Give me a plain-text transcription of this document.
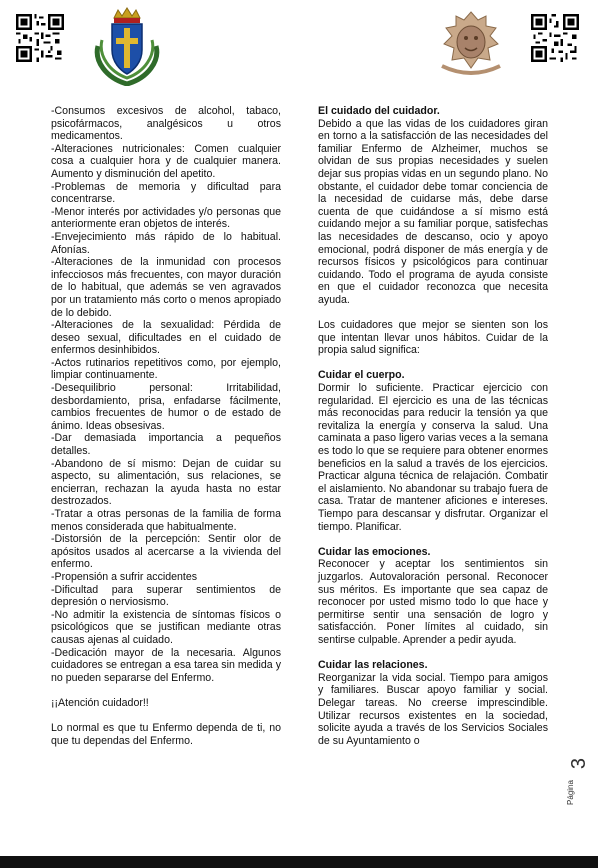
-Consumos excesivos de alcohol, tabaco, psicofármacos, analgésicos u otros medicamentos.

-Alteraciones nutricionales: Comen cualquier cosa a cualquier hora y de cualquier manera. Aumento y disminución del apetito.

-Problemas de memoria y dificultad para concentrarse.

-Menor interés por actividades y/o personas que anteriormente eran objetos de interés.

-Envejecimiento más rápido de lo habitual. Afonías.

-Alteraciones de la inmunidad con procesos infecciosos más frecuentes, con mayor duración de lo habitual, que además se ven agravados por un tratamiento más corto o menos apropiado de lo debido.

-Alteraciones de la sexualidad: Pérdida de deseo sexual, dificultades en el cuidado de enfermos desinhibidos.

-Actos rutinarios repetitivos como, por ejemplo, limpiar continuamente.

-Desequilibrio personal: Irritabilidad, desbordamiento, prisa, enfadarse fácilmente, cambios frecuentes de humor o de estado de ánimo. Ideas obsesivas.

-Dar demasiada importancia a pequeños detalles.

-Abandono de sí mismo: Dejan de cuidar su aspecto, su alimentación, sus relaciones, se encierran, rechazan la ayuda hasta no estar destrozados.

-Tratar a otras personas de la familia de forma menos considerada que habitualmente.

-Distorsión de la percepción: Sentir olor de apósitos usados al acercarse a la vivienda del enfermo.

-Propensión a sufrir accidentes

-Dificultad para superar sentimientos de depresión o nerviosismo.

-No admitir la existencia de síntomas físicos o psicológicos que se justifican mediante otras causas ajenas al cuidado.

-Dedicación mayor de la necesaria. Algunos cuidadores se entregan a esa tarea sin medida y no pueden separarse del Enfermo.

¡¡Atención cuidador!!

Lo normal es que tu Enfermo dependa de ti, no que tu dependas del Enfermo.

El cuidado del cuidador.

Debido a que las vidas de los cuidadores giran en torno a la satisfacción de las necesidades del familiar Enfermo de Alzheimer, muchos se olvidan de sus propias necesidades y suelen dejar sus propias vidas en un segundo plano. No obstante, el cuidador debe tomar conciencia de la necesidad de cuidarse más, debe darse cuenta de que cuidándose a sí mismo está cuidando mejor a su familiar porque, satisfechas las necesidades de descanso, ocio y apoyo emocional, podrá disponer de más energía y de recursos físicos y psicológicos para continuar cuidando. Todo el programa de ayuda consiste en que el cuidador reconozca que necesita ayuda.

Los cuidadores que mejor se sienten son los que intentan llevar unos hábitos. Cuidar de la propia salud significa:

Cuidar el cuerpo.

Dormir lo suficiente. Practicar ejercicio con regularidad. El ejercicio es una de las técnicas más reconocidas para reducir la tensión ya que revitaliza la energía y conserva la salud. Una caminata a paso ligero varias veces a la semana es todo lo que se requiere para obtener enormes beneficios en la salud a través de los ejercicios. Practicar alguna técnica de relajación. Combatir el aislamiento. No abandonar su trabajo fuera de casa. Tratar de mantener aficiones e intereses. Tiempo para descansar y disfrutar. Organizar el tiempo. Planificar.

Cuidar las emociones.

Reconocer y aceptar los sentimientos sin juzgarlos. Autovaloración personal. Reconocer sus méritos. Es importante que sea capaz de reconocer por usted mismo todo lo que hace y permitirse sentir una sensación de logro y satisfacción. Poner límites al cuidado, sin sentirse culpable. Aprender a pedir ayuda.

Cuidar las relaciones.

Reorganizar la vida social. Tiempo para amigos y familiares. Buscar apoyo familiar y social. Delegar tareas. No creerse imprescindible. Utilizar recursos existentes en la sociedad, solicite ayuda a través de los Servicios Sociales de su Ayuntamiento o

Página
3
